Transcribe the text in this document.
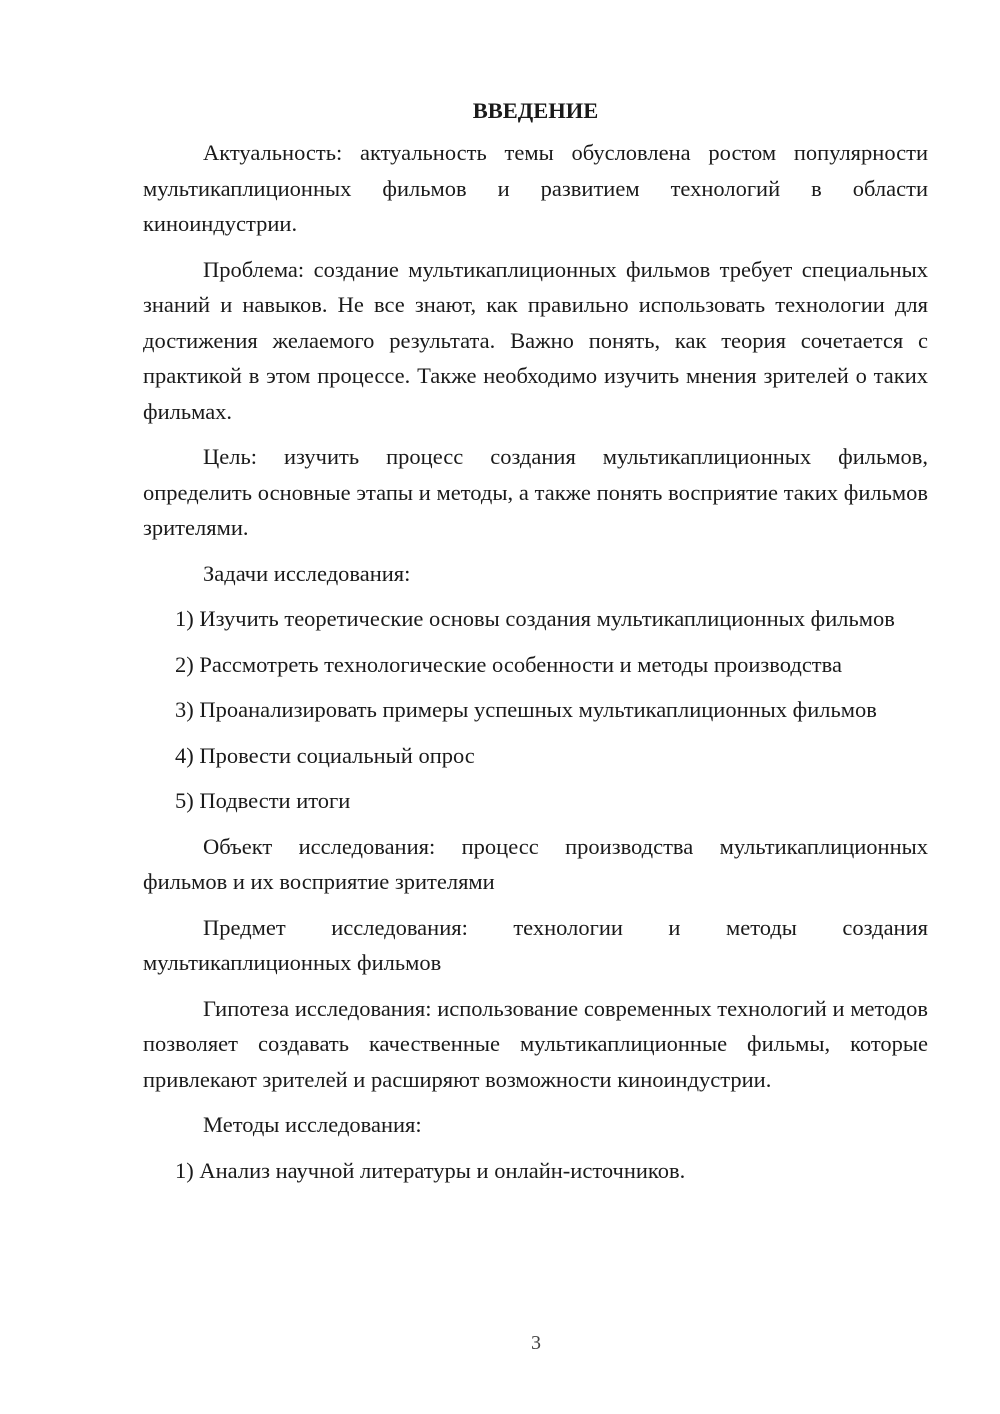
ВВЕДЕНИЕ
Актуальность: актуальность темы обусловлена ростом популярности мультикаплиционных фильмов и развитием технологий в области киноиндустрии.
Проблема: создание мультикаплиционных фильмов требует специальных знаний и навыков. Не все знают, как правильно использовать технологии для достижения желаемого результата. Важно понять, как теория сочетается с практикой в этом процессе. Также необходимо изучить мнения зрителей о таких фильмах.
Цель: изучить процесс создания мультикаплиционных фильмов, определить основные этапы и методы, а также понять восприятие таких фильмов зрителями.
Задачи исследования:
1) Изучить теоретические основы создания мультикаплиционных фильмов
2) Рассмотреть технологические особенности и методы производства
3) Проанализировать примеры успешных мультикаплиционных фильмов
4) Провести социальный опрос
5) Подвести итоги
Объект исследования: процесс производства мультикаплиционных фильмов и их восприятие зрителями
Предмет исследования: технологии и методы создания мультикаплиционных фильмов
Гипотеза исследования: использование современных технологий и методов позволяет создавать качественные мультикаплиционные фильмы, которые привлекают зрителей и расширяют возможности киноиндустрии.
Методы исследования:
1) Анализ научной литературы и онлайн-источников.
3
